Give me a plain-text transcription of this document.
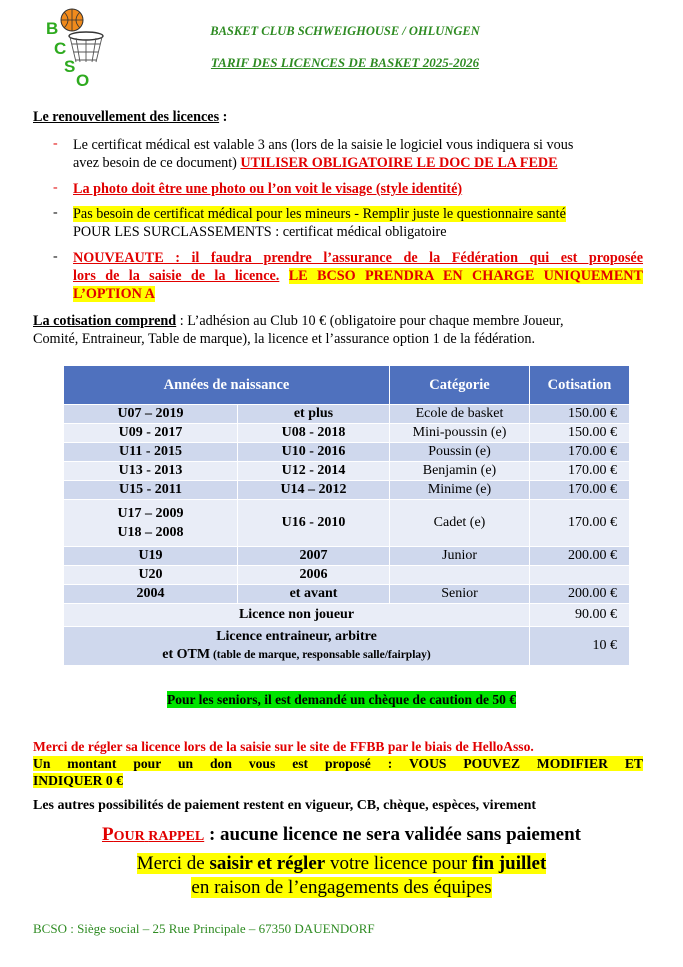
B
C
S
O
BASKET CLUB SCHWEIGHOUSE / OHLUNGEN
TARIF DES LICENCES DE BASKET 2025-2026
Le renouvellement des licences :
- Le certificat médical est valable 3 ans (lors de la saisie le logiciel vous indiquera si vous
avez besoin de ce document) UTILISER OBLIGATOIRE LE DOC DE LA FEDE
- La photo doit être une photo ou l’on voit le visage (style identité)
- Pas besoin de certificat médical pour les mineurs - Remplir juste le questionnaire santé
POUR LES SURCLASSEMENTS : certificat médical obligatoire
- NOUVEAUTE : il faudra prendre l’assurance de la Fédération qui est proposée
lors de la saisie de la licence. LE BCSO PRENDRA EN CHARGE UNIQUEMENT
L’OPTION A
La cotisation comprend : L’adhésion au Club 10 € (obligatoire pour chaque membre Joueur,
Comité, Entraineur, Table de marque), la licence et l’assurance option 1 de la fédération.
Années de naissance		Catégorie	Cotisation
U07 – 2019	et plus	Ecole de basket	150.00 €
U09 - 2017	U08 - 2018	Mini-poussin (e)	150.00 €
U11 - 2015	U10 - 2016	Poussin (e)	170.00 €
U13 - 2013	U12 - 2014	Benjamin (e)	170.00 €
U15 - 2011	U14 – 2012	Minime (e)	170.00 €

U17 – 2009
U18 – 2008	U16 - 2010	Cadet (e)	170.00 €
U19	2007	Junior	200.00 €
U20	2006		
2004	et avant	Senior	200.00 €
Licence non joueur			90.00 €

Licence entraineur, arbitre
et OTM (table de marque, responsable salle/fairplay)			10 €
Pour les seniors, il est demandé un chèque de caution de 50 €
Merci de régler sa licence lors de la saisie sur le site de FFBB par le biais de HelloAsso.
Un montant pour un don vous est proposé : VOUS POUVEZ MODIFIER ET
INDIQUER 0 €
Les autres possibilités de paiement restent en vigueur, CB, chèque, espèces, virement
POUR RAPPEL : aucune licence ne sera validée sans paiement
Merci de saisir et régler votre licence pour fin juillet
en raison de l’engagements des équipes
BCSO : Siège social – 25 Rue Principale – 67350 DAUENDORF
